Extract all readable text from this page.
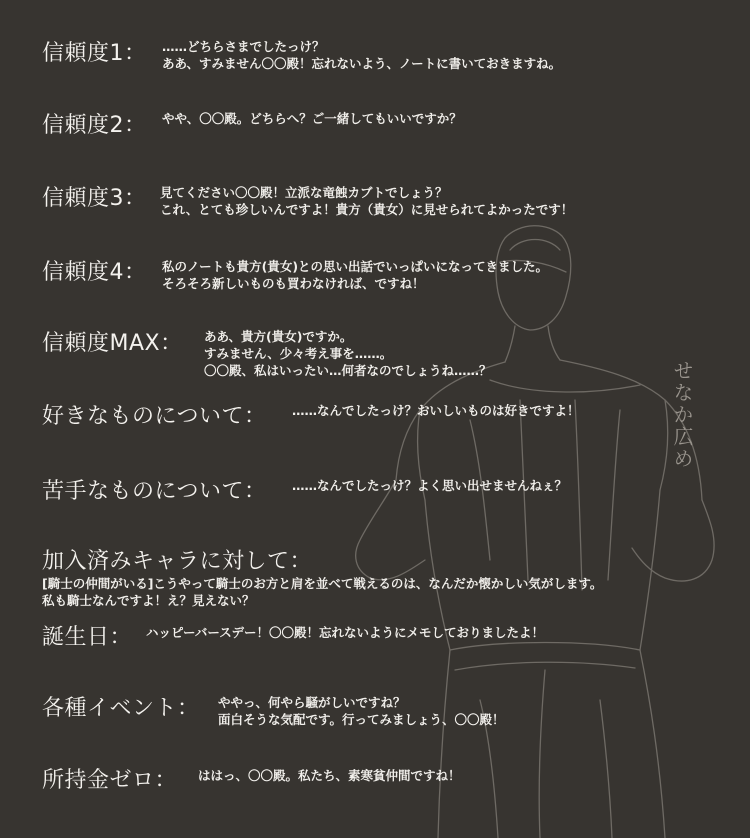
せなか広め
信頼度1： ……どちらさまでしたっけ？
ああ、すみません〇〇殿！忘れないよう、ノートに書いておきますね。
信頼度2： やや、〇〇殿。どちらへ？ご一緒してもいいですか？
信頼度3： 見てください〇〇殿！立派な竜蝕カブトでしょう？
これ、とても珍しいんですよ！貴方（貴女）に見せられてよかったです！
信頼度4： 私のノートも貴方(貴女)との思い出話でいっぱいになってきました。
そろそろ新しいものも買わなければ、ですね！
信頼度MAX： ああ、貴方(貴女)ですか。
すみません、少々考え事を……。
〇〇殿、私はいったい…何者なのでしょうね……？
好きなものについて： ……なんでしたっけ？おいしいものは好きですよ！
苦手なものについて： ……なんでしたっけ？よく思い出せませんねぇ？
加入済みキャラに対して：
[騎士の仲間がいる]こうやって騎士のお方と肩を並べて戦えるのは、なんだか懐かしい気がします。
私も騎士なんですよ！え？見えない？
誕生日： ハッピーバースデー！〇〇殿！忘れないようにメモしておりましたよ！
各種イベント： ややっ、何やら騒がしいですね？
面白そうな気配です。行ってみましょう、〇〇殿！
所持金ゼロ： ははっ、〇〇殿。私たち、素寒貧仲間ですね！
